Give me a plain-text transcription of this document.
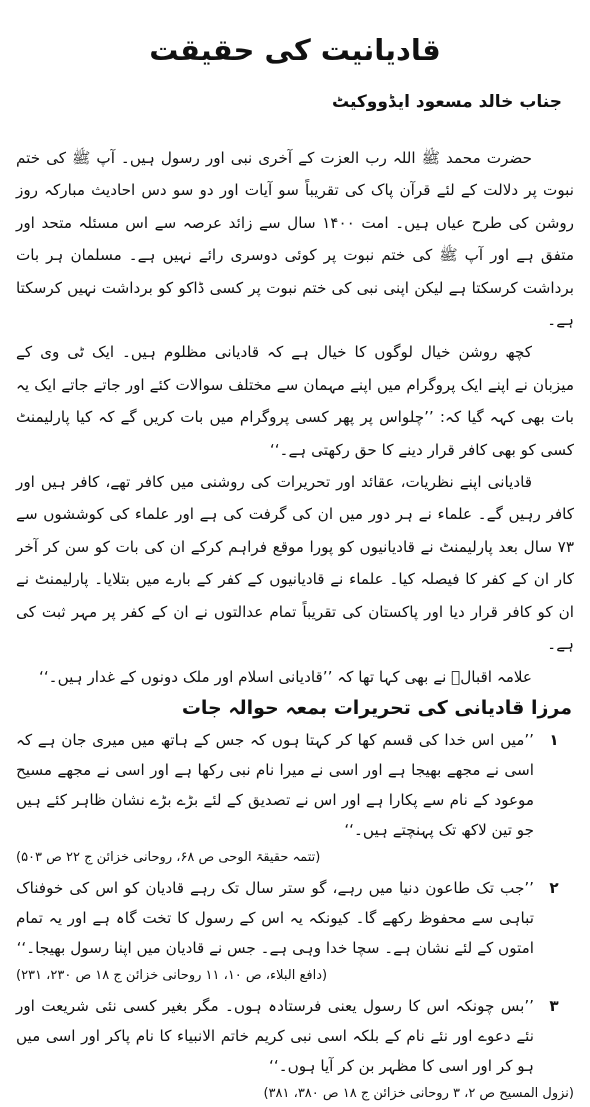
قادیانیت کی حقیقت
جناب خالد مسعود ایڈووکیٹ

حضرت محمد ﷺ اللہ رب العزت کے آخری نبی اور رسول ہیں۔ آپ ﷺ کی ختم نبوت پر دلالت کے لئے قرآن پاک کی تقریباً سو آیات اور دو سو دس احادیث مبارکہ روز روشن کی طرح عیاں ہیں۔ امت ۱۴۰۰ سال سے زائد عرصہ سے اس مسئلہ متحد اور متفق ہے اور آپ ﷺ کی ختم نبوت پر کوئی دوسری رائے نہیں ہے۔ مسلمان ہر بات برداشت کرسکتا ہے لیکن اپنی نبی کی ختم نبوت پر کسی ڈاکو کو برداشت نہیں کرسکتا ہے۔

کچھ روشن خیال لوگوں کا خیال ہے کہ قادیانی مظلوم ہیں۔ ایک ٹی وی کے میزبان نے اپنے ایک پروگرام میں اپنے مہمان سے مختلف سوالات کئے اور جاتے جاتے ایک یہ بات بھی کہہ گیا کہ: ’’چلواس پر پھر کسی پروگرام میں بات کریں گے کہ کیا پارلیمنٹ کسی کو بھی کافر قرار دینے کا حق رکھتی ہے۔‘‘

قادیانی اپنے نظریات، عقائد اور تحریرات کی روشنی میں کافر تھے، کافر ہیں اور کافر رہیں گے۔ علماء نے ہر دور میں ان کی گرفت کی ہے اور علماء کی کوششوں سے ۷۳ سال بعد پارلیمنٹ نے قادیانیوں کو پورا موقع فراہم کرکے ان کی بات کو سن کر آخر کار ان کے کفر کا فیصلہ کیا۔ علماء نے قادیانیوں کے کفر کے بارے میں بتلایا۔ پارلیمنٹ نے ان کو کافر قرار دیا اور پاکستان کی تقریباً تمام عدالتوں نے ان کے کفر پر مہر ثبت کی ہے۔

علامہ اقبالؒ نے بھی کہا تھا کہ ’’قادیانی اسلام اور ملک دونوں کے غدار ہیں۔‘‘

مرزا قادیانی کی تحریرات بمعہ حوالہ جات
۱
’’میں اس خدا کی قسم کھا کر کہتا ہوں کہ جس کے ہاتھ میں میری جان ہے کہ اسی نے مجھے بھیجا ہے اور اسی نے میرا نام نبی رکھا ہے اور اسی نے مجھے مسیح موعود کے نام سے پکارا ہے اور اس نے تصدیق کے لئے بڑے بڑے نشان ظاہر کئے ہیں جو تین لاکھ تک پہنچتے ہیں۔‘‘
(تتمہ حقیقۃ الوحی ص ۶۸، روحانی خزائن ج ۲۲ ص ۵۰۳)
۲
’’جب تک طاعون دنیا میں رہے، گو ستر سال تک رہے قادیان کو اس کی خوفناک تباہی سے محفوظ رکھے گا۔ کیونکہ یہ اس کے رسول کا تخت گاہ ہے اور یہ تمام امتوں کے لئے نشان ہے۔ سچا خدا وہی ہے۔ جس نے قادیان میں اپنا رسول بھیجا۔‘‘
(دافع البلاء، ص ۱۰، ۱۱ روحانی خزائن ج ۱۸ ص ۲۳۰، ۲۳۱)
۳
’’بس چونکہ اس کا رسول یعنی فرستادہ ہوں۔ مگر بغیر کسی نئی شریعت اور نئے دعوے اور نئے نام کے بلکہ اسی نبی کریم خاتم الانبیاء کا نام پاکر اور اسی میں ہو کر اور اسی کا مظہر بن کر آیا ہوں۔‘‘
(نزول المسیح ص ۲، ۳ روحانی خزائن ج ۱۸ ص ۳۸۰، ۳۸۱)
